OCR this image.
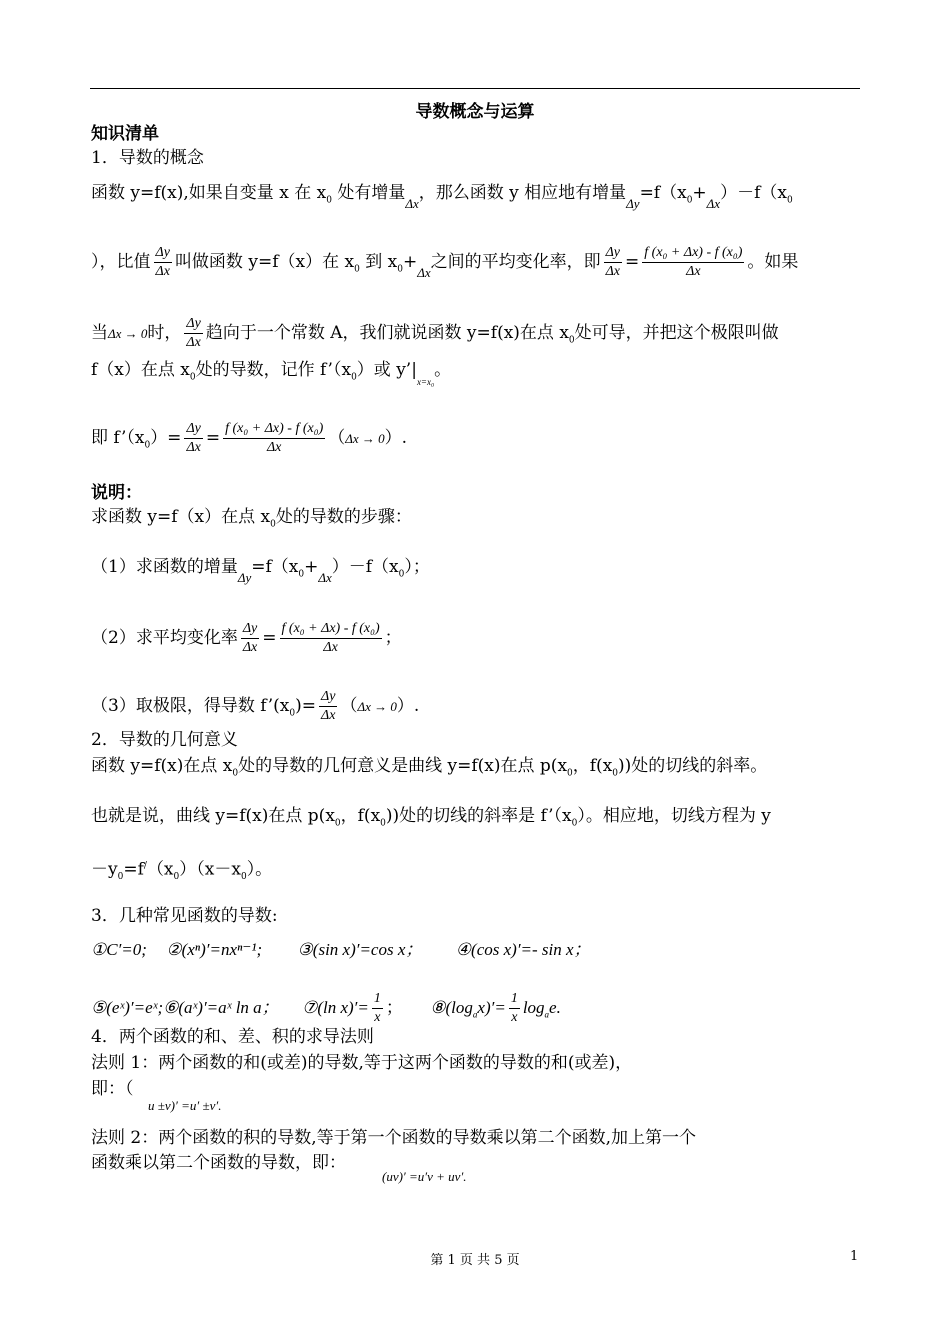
导数概念与运算
知识清单
1．导数的概念
函数 y=f(x),如果自变量 x 在 $x_0$ 处有增量$_{\Delta x}$，那么函数 y 相应地有增量$_{\Delta y}=f(x_0+_{\Delta x})-f(x_0$
），比值 $\frac{\Delta y}{\Delta x}$ 叫做函数 y=f（x）在 $x_0$ 到 $x_0+_{\Delta x}$之间的平均变化率，即 $\frac{\Delta y}{\Delta x} = \frac{\text{f (x₀ + Δx) - f (x₀)}}{\Delta x}$ 。如果
当Δx → 0时， $\frac{\Delta y}{\Delta x}$ 趋向于一个常数 A，我们就说函数 y=f(x)在点 $x_0$处可导，并把这个极限叫做
f（x）在点 $x_0$处的导数，记作 $f’(x_0)$或 $y’|_{x=x_0}$。
即 $f’(x_0)= \frac{\Delta y}{\Delta x} = \frac{\text{f (x₀ + Δx) - f (x₀)}}{\Delta x} (\Delta x \to 0)$.
说明：
求函数 y=f（x）在点 $x_0$处的导数的步骤：
（1）求函数的增量$_{\Delta y}=f(x_0+_{\Delta x})-f(x_0)$；
（2）求平均变化率 $\frac{\Delta y}{\Delta x} = \frac{\text{f (x₀ + Δx) - f (x₀)}}{\Delta x}$ ；
（3）取极限，得导数 $f’(x_0)= \frac{\Delta y}{\Delta x} (\Delta x \to 0)$.
2．导数的几何意义
函数 y=f(x)在点 $x_0$处的导数的几何意义是曲线 y=f(x)在点 $p(x_0$，$f(x_0)$)处的切线的斜率。
也就是说，曲线 y=f(x)在点 $p(x_0$，$f(x_0)$)处的切线的斜率是 $f’(x_0)$。相应地，切线方程为 y
$-y_0=f^/(x_0)(x-x_0)$。
3．几种常见函数的导数:
①C′=0; ②(xⁿ)′=nxⁿ⁻¹; ③(sin x)′=cos x； ④(cos x)′=- sin x；
⑤(eˣ)′=eˣ;⑥(aˣ)′=aˣ ln a； ⑦(ln $x)'= \frac{1}{x}$ ； $⑧(\log_ax)'= \frac{1}{x} \log_ae$.
4．两个函数的和、差、积的求导法则
法则 1：两个函数的和(或差)的导数,等于这两个函数的导数的和(或差)，
即：（
u ±v)′ =u′ ±v′.
法则 2：两个函数的积的导数,等于第一个函数的导数乘以第二个函数,加上第一个
函数乘以第二个函数的导数，即：
(uv)′ =u′v + uv′.
第 1 页 共 5 页	1
